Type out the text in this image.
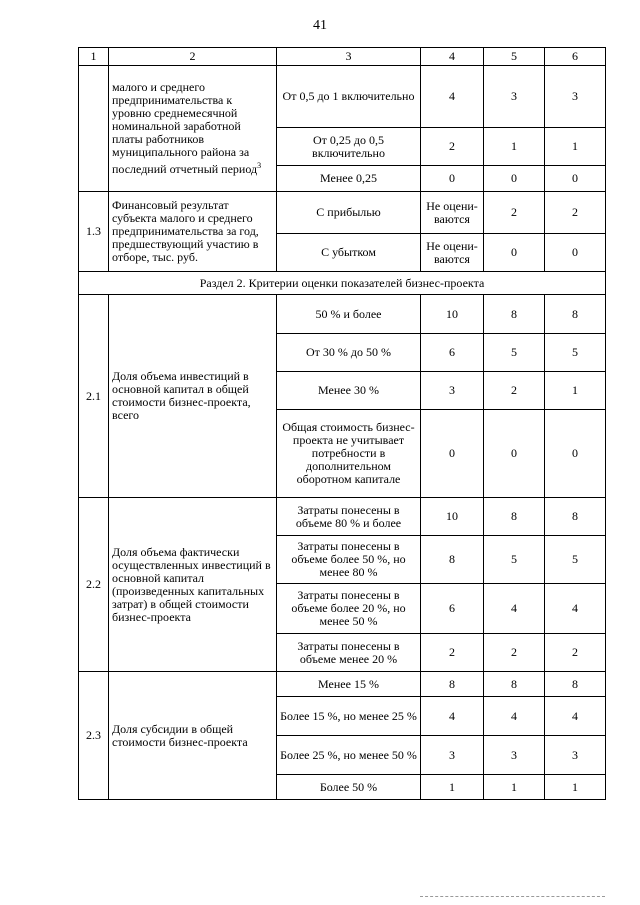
41
1	2	3	4	5	6
	малого и среднего предпринимательства к уровню среднемесячной номинальной заработной платы работников муниципального района за последний отчетный период$^3$	От 0,5 до 1 включительно	4	3	3
		От 0,25 до 0,5 включительно	2	1	1
		Менее 0,25	0	0	0
1.3	Финансовый результат субъекта малого и среднего предпринимательства за год, предшествующий участию в отборе, тыс. руб.	С прибылью	Не оцени-ваются	2	2
		С убытком	Не оцени-ваются	0	0
Раздел 2. Критерии оценки показателей бизнес-проекта					
2.1	Доля объема инвестиций в основной капитал в общей стоимости бизнес-проекта, всего	50 % и более	10	8	8
		От 30 % до 50 %	6	5	5
		Менее 30 %	3	2	1
		Общая стоимость бизнес-проекта не учитывает потребности в дополнительном оборотном капитале	0	0	0
2.2	Доля объема фактически осуществленных инвестиций в основной капитал (произведенных капитальных затрат) в общей стоимости бизнес-проекта	Затраты понесены в объеме 80 % и более	10	8	8
		Затраты понесены в объеме более 50 %, но менее 80 %	8	5	5
		Затраты понесены в объеме более 20 %, но менее 50 %	6	4	4
		Затраты понесены в объеме менее 20 %	2	2	2
2.3	Доля субсидии в общей стоимости бизнес-проекта	Менее 15 %	8	8	8
		Более 15 %, но менее 25 %	4	4	4
		Более 25 %, но менее 50 %	3	3	3
		Более 50 %	1	1	1
